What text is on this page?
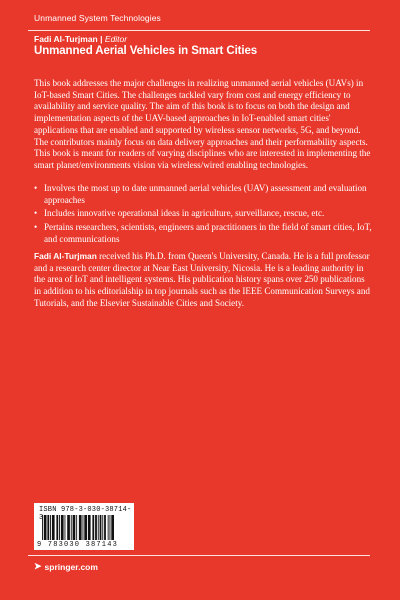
Unmanned System Technologies
Fadi Al-Turjman | Editor
Unmanned Aerial Vehicles in Smart Cities

This book addresses the major challenges in realizing unmanned aerial vehicles (UAVs) in IoT-based Smart Cities. The challenges tackled vary from cost and energy efficiency to availability and service quality. The aim of this book is to focus on both the design and implementation aspects of the UAV-based approaches in IoT-enabled smart cities' applications that are enabled and supported by wireless sensor networks, 5G, and beyond. The contributors mainly focus on data delivery approaches and their performability aspects. This book is meant for readers of varying disciplines who are interested in implementing the smart planet/environments vision via wireless/wired enabling technologies.

• Involves the most up to date unmanned aerial vehicles (UAV) assessment and evaluation approaches
• Includes innovative operational ideas in agriculture, surveillance, rescue, etc.
• Pertains researchers, scientists, engineers and practitioners in the field of smart cities, IoT, and communications

Fadi Al-Turjman received his Ph.D. from Queen's University, Canada. He is a full professor and a research center director at Near East University, Nicosia. He is a leading authority in the area of IoT and intelligent systems. His publication history spans over 250 publications in addition to his editorialship in top journals such as the IEEE Communication Surveys and Tutorials, and the Elsevier Sustainable Cities and Society.

ISBN 978-3-030-38714-3
9 783030 387143
➤ springer.com
